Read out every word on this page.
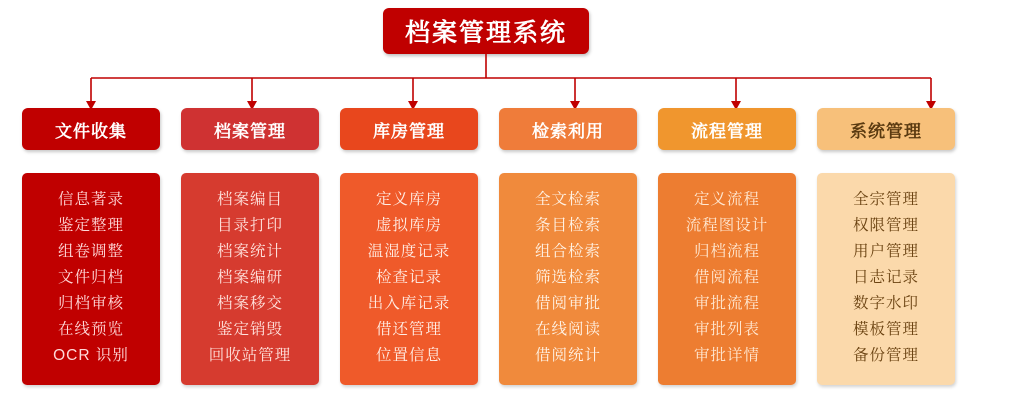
档案管理系统
文件收集
信息著录
鉴定整理
组卷调整
文件归档
归档审核
在线预览
OCR 识别
档案管理
档案编目
目录打印
档案统计
档案编研
档案移交
鉴定销毁
回收站管理
库房管理
定义库房
虚拟库房
温湿度记录
检查记录
出入库记录
借还管理
位置信息
检索利用
全文检索
条目检索
组合检索
筛选检索
借阅审批
在线阅读
借阅统计
流程管理
定义流程
流程图设计
归档流程
借阅流程
审批流程
审批列表
审批详情
系统管理
全宗管理
权限管理
用户管理
日志记录
数字水印
模板管理
备份管理
